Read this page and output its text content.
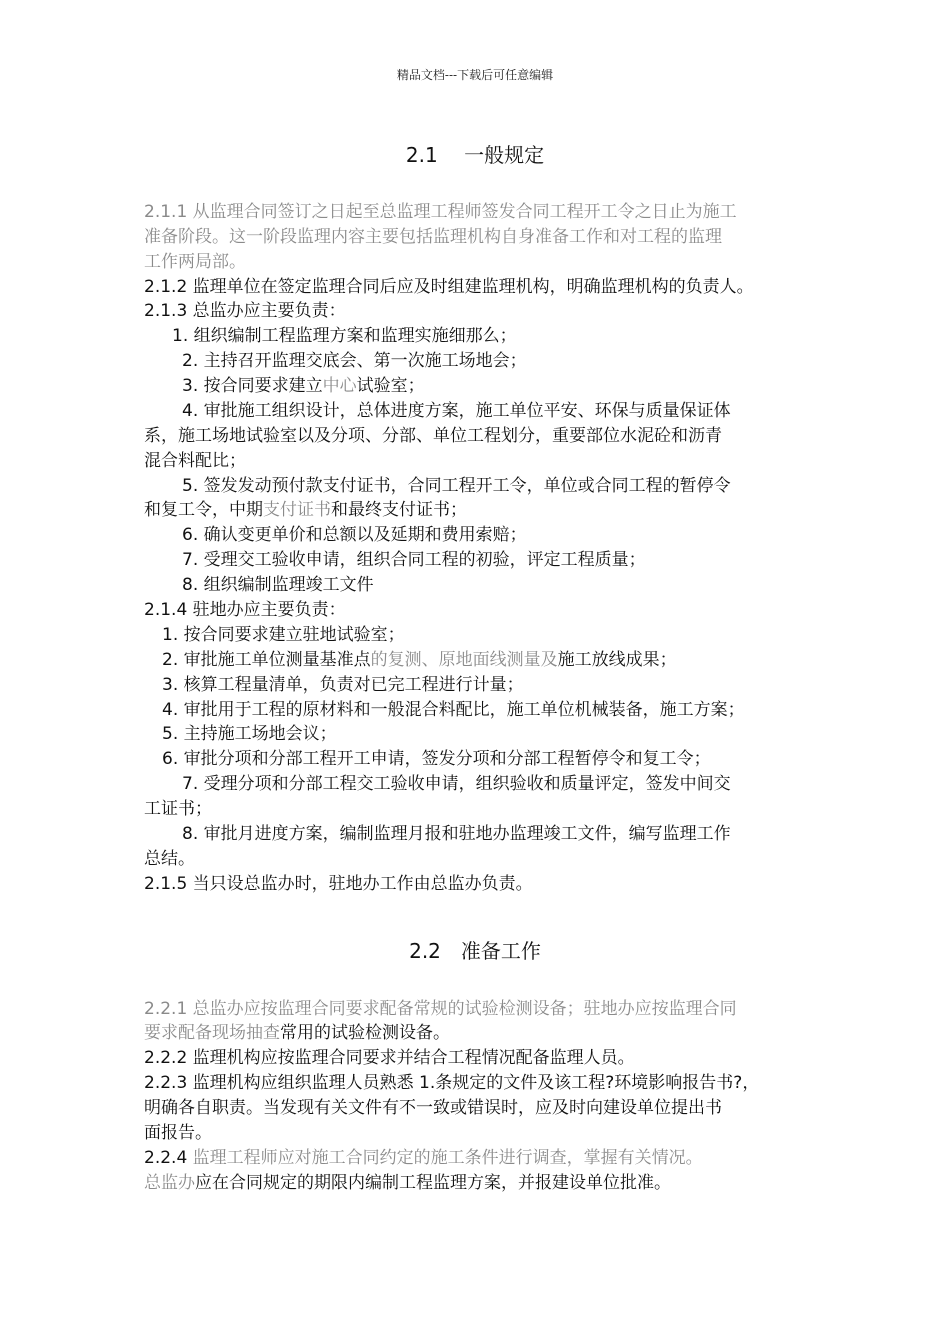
精品文档---下载后可任意编辑
2.1　 一般规定
2.2　准备工作
2.1.1 从监理合同签订之日起至总监理工程师签发合同工程开工令之日止为施工
准备阶段。这一阶段监理内容主要包括监理机构自身准备工作和对工程的监理
工作两局部。
2.1.2 监理单位在签定监理合同后应及时组建监理机构，明确监理机构的负责人。
2.1.3 总监办应主要负责：
1. 组织编制工程监理方案和监理实施细那么；
2. 主持召开监理交底会、第一次施工场地会；
3. 按合同要求建立中心试验室；
4. 审批施工组织设计，总体进度方案，施工单位平安、环保与质量保证体
系，施工场地试验室以及分项、分部、单位工程划分，重要部位水泥砼和沥青
混合料配比；
5. 签发发动预付款支付证书，合同工程开工令，单位或合同工程的暂停令
和复工令，中期支付证书和最终支付证书；
6. 确认变更单价和总额以及延期和费用索赔；
7. 受理交工验收申请，组织合同工程的初验，评定工程质量；
8. 组织编制监理竣工文件
2.1.4 驻地办应主要负责：
1. 按合同要求建立驻地试验室；
2. 审批施工单位测量基准点的复测、原地面线测量及施工放线成果；
3. 核算工程量清单，负责对已完工程进行计量；
4. 审批用于工程的原材料和一般混合料配比，施工单位机械装备，施工方案；
5. 主持施工场地会议；
6. 审批分项和分部工程开工申请，签发分项和分部工程暂停令和复工令；
7. 受理分项和分部工程交工验收申请，组织验收和质量评定，签发中间交
工证书；
8. 审批月进度方案，编制监理月报和驻地办监理竣工文件，编写监理工作
总结。
2.1.5 当只设总监办时，驻地办工作由总监办负责。
2.2.1 总监办应按监理合同要求配备常规的试验检测设备；驻地办应按监理合同
要求配备现场抽查常用的试验检测设备。
2.2.2 监理机构应按监理合同要求并结合工程情况配备监理人员。
2.2.3 监理机构应组织监理人员熟悉 1.条规定的文件及该工程?环境影响报告书?，
明确各自职责。当发现有关文件有不一致或错误时，应及时向建设单位提出书
面报告。
2.2.4 监理工程师应对施工合同约定的施工条件进行调查，掌握有关情况。
总监办应在合同规定的期限内编制工程监理方案，并报建设单位批准。
